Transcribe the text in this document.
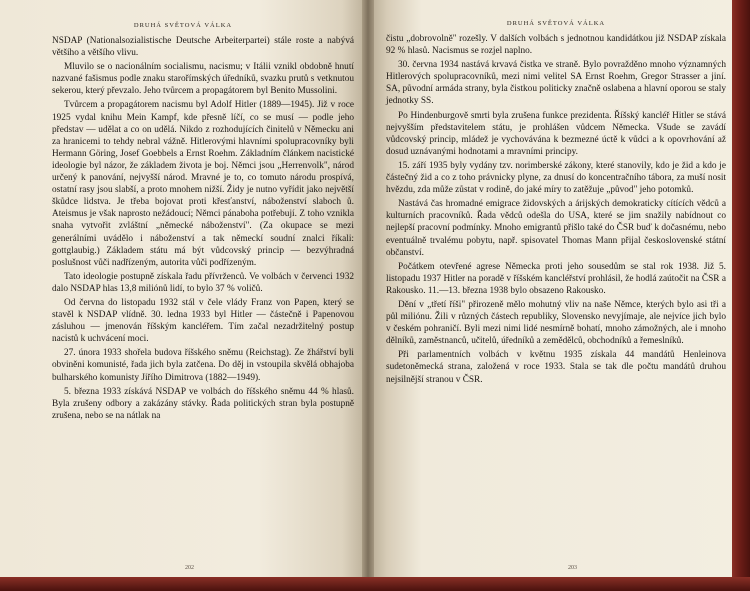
DRUHÁ SVĚTOVÁ VÁLKA

NSDAP (Nationalsozialistische Deutsche Arbeiterpartei) stále roste a nabývá většího a většího vlivu.

Mluvilo se o nacionálním socialismu, nacismu; v Itálii vznikl obdobně hnutí nazvané fašismus podle znaku starořímských úředníků, svazku prutů s vetknutou sekerou, který převzalo. Jeho tvůrcem a propagátorem byl Benito Mussolini.

Tvůrcem a propagátorem nacismu byl Adolf Hitler (1889—1945). Již v roce 1925 vydal knihu Mein Kampf, kde přesně líčí, co se musí — podle jeho představ — udělat a co on udělá. Nikdo z rozhodujících činitelů v Německu ani za hranicemi to tehdy nebral vážně. Hitlerovými hlavními spolupracovníky byli Hermann Göring, Josef Goebbels a Ernst Roehm. Základním článkem nacistické ideologie byl názor, že základem života je boj. Němci jsou „Herrenvolk", národ určený k panování, nejvyšší národ. Mravné je to, co tomuto národu prospívá, ostatní rasy jsou slabší, a proto mnohem nižší. Židy je nutno vyřídit jako největší škůdce lidstva. Je třeba bojovat proti křesťanství, náboženství slaboch ů. Ateismus je však naprosto nežádoucí; Němci pánaboha potřebují. Z toho vznikla snaha vytvořit zvláštní „německé náboženství". (Za okupace se mezi generálními uvádělo i náboženství a tak německí soudní znalci říkali: gottglaubig.) Základem státu má být vůdcovský princip — bezvýhradná poslušnost vůči nadřízeným, autorita vůči podřízeným.

Tato ideologie postupně získala řadu přívrženců. Ve volbách v červenci 1932 dalo NSDAP hlas 13,8 miliónů lidí, to bylo 37 % voličů.

Od června do listopadu 1932 stál v čele vlády Franz von Papen, který se stavěl k NSDAP vlídně. 30. ledna 1933 byl Hitler — částečně i Papenovou zásluhou — jmenován říšským kancléřem. Tím začal nezadržitelný postup nacistů k uchvácení moci.

27. února 1933 shořela budova říšského sněmu (Reichstag). Ze žhářství byli obviněni komunisté, řada jich byla zatčena. Do děj in vstoupila skvělá obhajoba bulharského komunisty Jiřího Dimitrova (1882—1949).

5. března 1933 získává NSDAP ve volbách do říšského sněmu 44 % hlasů. Byla zrušeny odbory a zakázány stávky. Řada politických stran byla postupně zrušena, nebo se na nátlak na

202
DRUHÁ SVĚTOVÁ VÁLKA

čistu „dobrovolně" rozešly. V dalších volbách s jednotnou kandidátkou již NSDAP získala 92 % hlasů. Nacismus se rozjel naplno.

30. června 1934 nastává krvavá čistka ve straně. Bylo povražděno mnoho významných Hitlerových spolupracovníků, mezi nimi velitel SA Ernst Roehm, Gregor Strasser a jiní. SA, původní armáda strany, byla čistkou politicky značně oslabena a hlavní oporou se staly jednotky SS.

Po Hindenburgově smrti byla zrušena funkce prezidenta. Říšský kancléř Hitler se stává nejvyšším představitelem státu, je prohlášen vůdcem Německa. Všude se zavádí vůdcovský princip, mládež je vychovávána k bezmezné úctě k vůdci a k opovrhování až dosud uznávanými hodnotami a mravními principy.

15. září 1935 byly vydány tzv. norimberské zákony, které stanovily, kdo je žid a kdo je částečný žid a co z toho právnicky plyne, za dnusí do koncentračního tábora, za muší nosit hvězdu, zda může zůstat v rodině, do jaké míry to zatěžuje „původ" jeho potomků.

Nastává čas hromadné emigrace židovských a árijských demokraticky cítících vědců a kulturních pracovníků. Řada vědců odešla do USA, které se jim snažily nabídnout co nejlepší pracovní podmínky. Mnoho emigrantů přišlo také do ČSR buď k dočasnému, nebo eventuálně trvalému pobytu, např. spisovatel Thomas Mann přijal československé státní občanství.

Počátkem otevřené agrese Německa proti jeho sousedům se stal rok 1938. Již 5. listopadu 1937 Hitler na poradě v říšském kancléřství prohlásil, že hodlá zaútočit na ČSR a Rakousko. 11.—13. března 1938 bylo obsazeno Rakousko.

Dění v „třetí říši" přirozeně mělo mohutný vliv na naše Němce, kterých bylo asi tři a půl miliónu. Žili v různých částech republiky, Slovensko nevyjímaje, ale nejvíce jich bylo v českém pohraničí. Byli mezi nimi lidé nesmírně bohatí, mnoho zámožných, ale i mnoho dělníků, zaměstnanců, učitelů, úředníků a zemědělců, obchodníků a řemeslníků.

Při parlamentních volbách v květnu 1935 získala 44 mandátů Henleinova sudetoněmecká strana, založená v roce 1933. Stala se tak dle počtu mandátů druhou nejsilnější stranou v ČSR.

203
